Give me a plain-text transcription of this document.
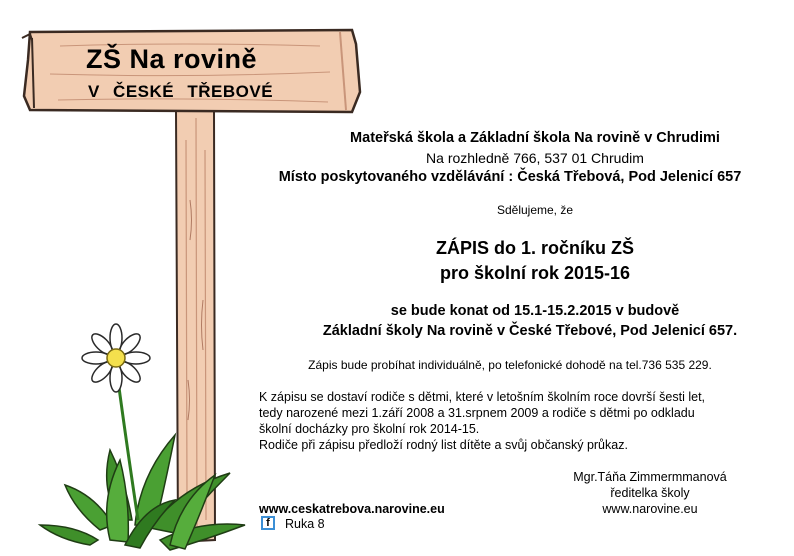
ZŠ Na rovině
V ČESKÉ TŘEBOVÉ
Mateřská škola a Základní škola Na rovině v Chrudimi
Na rozhledně 766, 537 01 Chrudim
Místo poskytovaného vzdělávání : Česká Třebová, Pod Jelenicí 657
Sdělujeme, že
ZÁPIS do 1. ročníku ZŠ
pro školní rok 2015-16
se bude konat od 15.1-15.2.2015 v budově
Základní školy Na rovině v České Třebové, Pod Jelenicí 657.
Zápis bude probíhat individuálně, po telefonické dohodě na tel.736 535 229.
K zápisu se dostaví rodiče s dětmi, které v letošním školním roce dovrší šesti let,
tedy narozené mezi 1.září 2008 a 31.srpnem 2009 a rodiče s dětmi po odkladu
školní docházky pro školní rok 2014-15.
Rodiče při zápisu předloží rodný list dítěte a svůj občanský průkaz.
Mgr.Táňa Zimmermmanová
ředitelka školy
www.narovine.eu
www.ceskatrebova.narovine.eu
f	Ruka 8
